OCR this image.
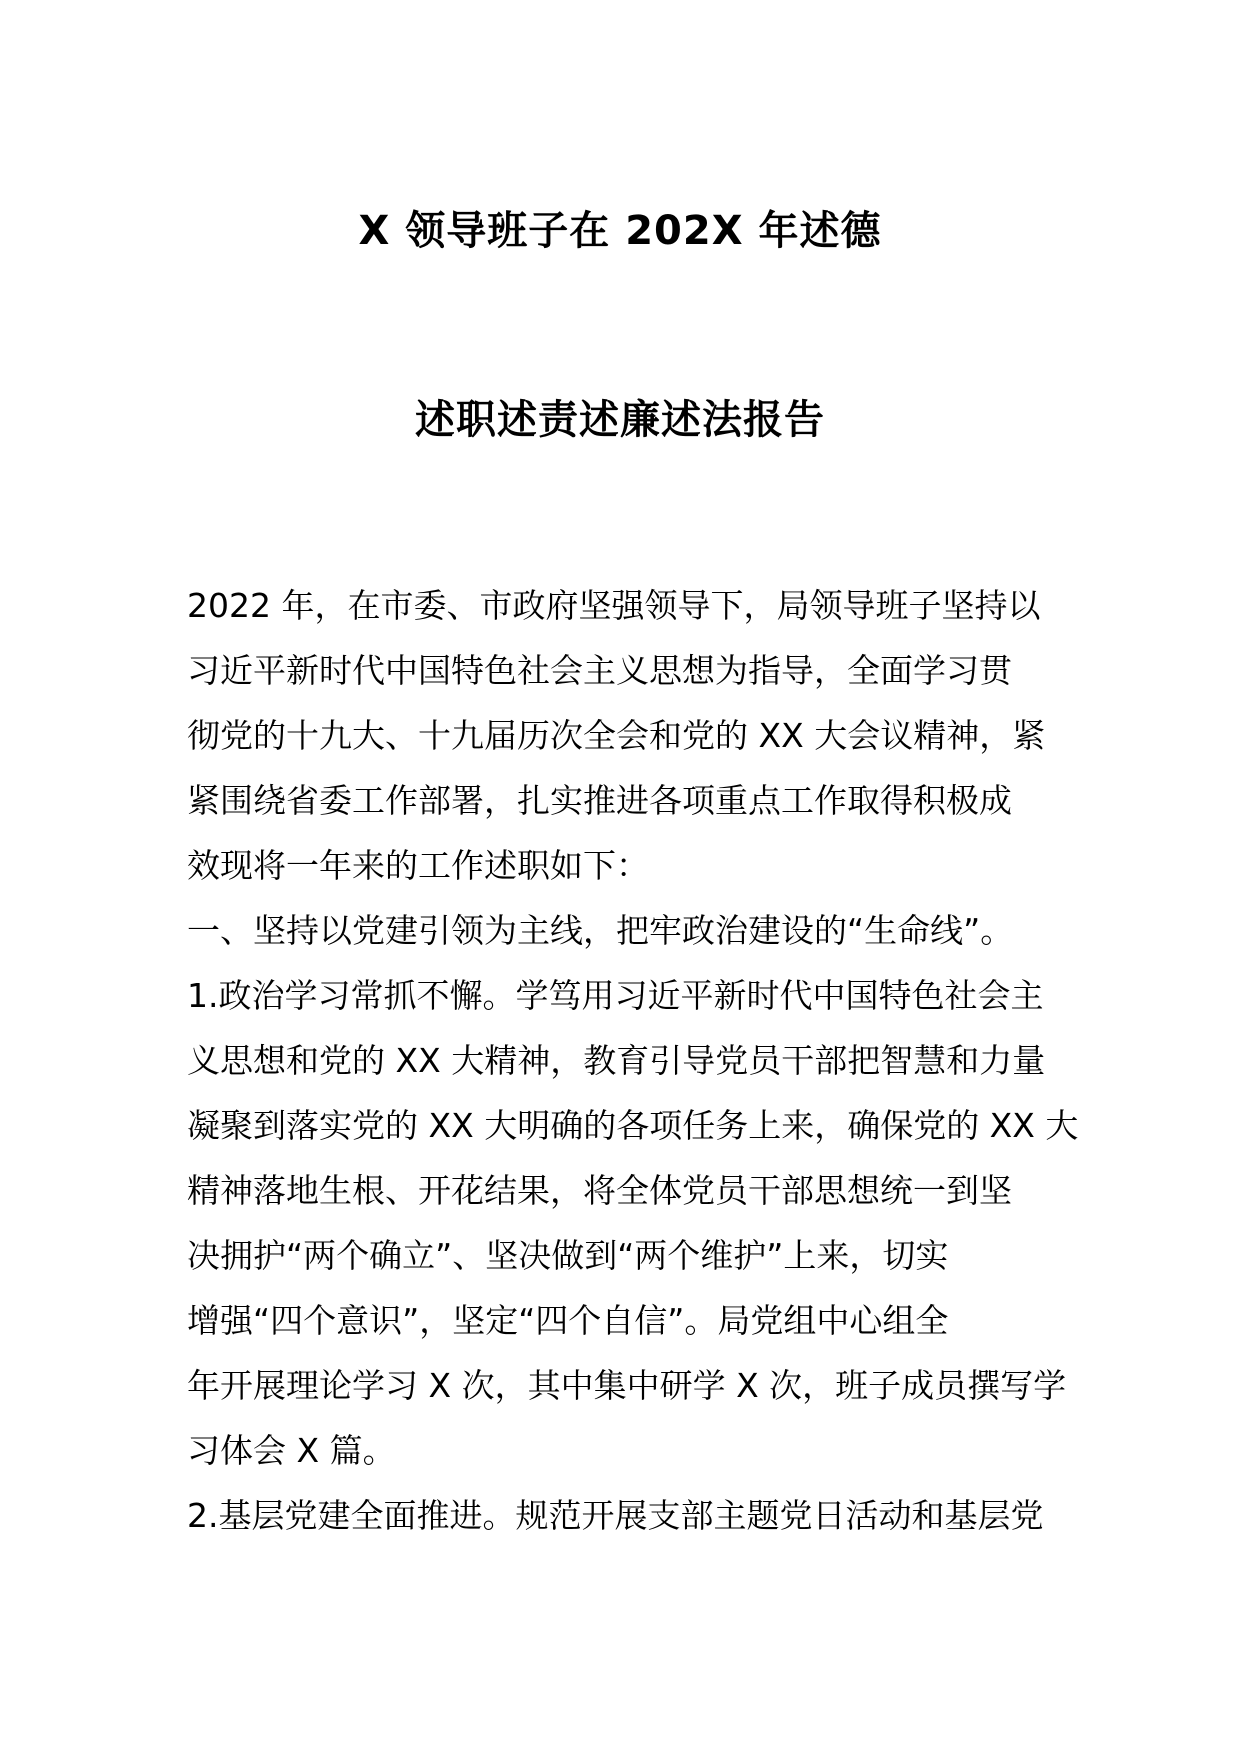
X 领导班子在 202X 年述德
述职述责述廉述法报告
2022 年，在市委、市政府坚强领导下，局领导班子坚持以
习近平新时代中国特色社会主义思想为指导，全面学习贯
彻党的十九大、十九届历次全会和党的 XX 大会议精神，紧
紧围绕省委工作部署，扎实推进各项重点工作取得积极成
效现将一年来的工作述职如下：
一、坚持以党建引领为主线，把牢政治建设的“生命线”。
1.政治学习常抓不懈。学笃用习近平新时代中国特色社会主
义思想和党的 XX 大精神，教育引导党员干部把智慧和力量
凝聚到落实党的 XX 大明确的各项任务上来，确保党的 XX 大
精神落地生根、开花结果，将全体党员干部思想统一到坚
决拥护“两个确立”、坚决做到“两个维护”上来，切实
增强“四个意识”，坚定“四个自信”。局党组中心组全
年开展理论学习 X 次，其中集中研学 X 次，班子成员撰写学
习体会 X 篇。
2.基层党建全面推进。规范开展支部主题党日活动和基层党
